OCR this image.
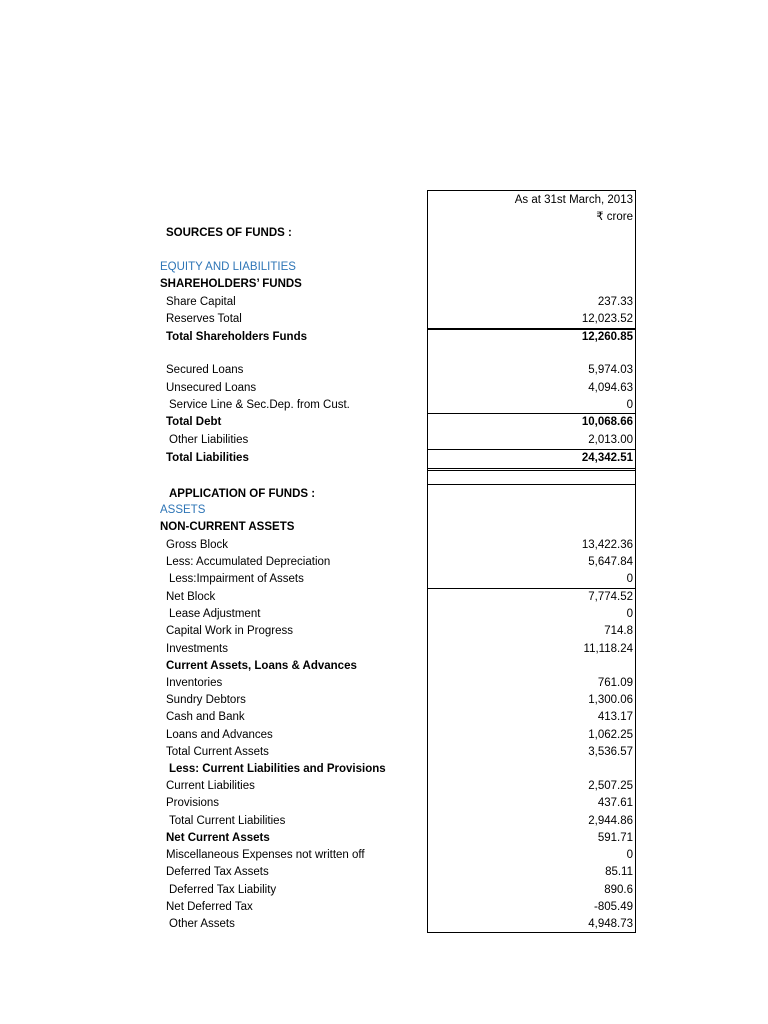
As at 31st March, 2013
₹ crore
SOURCES OF FUNDS :
EQUITY AND LIABILITIES
SHAREHOLDERS’ FUNDS
Share Capital	237.33
Reserves Total	12,023.52
Total Shareholders Funds	12,260.85
Secured Loans	5,974.03
Unsecured Loans	4,094.63
Service Line & Sec.Dep. from Cust.	0
Total Debt	10,068.66
Other Liabilities	2,013.00
Total Liabilities	24,342.51
APPLICATION OF FUNDS :
ASSETS
NON-CURRENT ASSETS
Gross Block	13,422.36
Less: Accumulated Depreciation	5,647.84
Less:Impairment of Assets	0
Net Block	7,774.52
Lease Adjustment	0
Capital Work in Progress	714.8
Investments	11,118.24
Current Assets, Loans & Advances
Inventories	761.09
Sundry Debtors	1,300.06
Cash and Bank	413.17
Loans and Advances	1,062.25
Total Current Assets	3,536.57
Less: Current Liabilities and Provisions
Current Liabilities	2,507.25
Provisions	437.61
Total Current Liabilities	2,944.86
Net Current Assets	591.71
Miscellaneous Expenses not written off	0
Deferred Tax Assets	85.11
Deferred Tax Liability	890.6
Net Deferred Tax	-805.49
Other Assets	4,948.73
